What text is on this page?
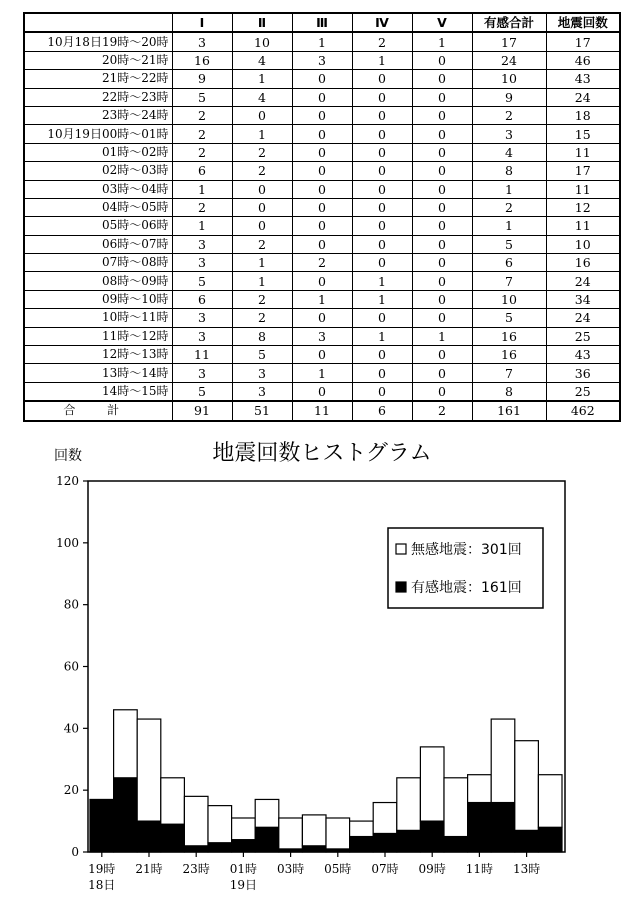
	Ⅰ	Ⅱ	Ⅲ	Ⅳ	Ⅴ	有感合計	地震回数
10月18日19時～20時	3	10	1	2	1	17	17
20時～21時	16	4	3	1	0	24	46
21時～22時	9	1	0	0	0	10	43
22時～23時	5	4	0	0	0	9	24
23時～24時	2	0	0	0	0	2	18
10月19日00時～01時	2	1	0	0	0	3	15
01時～02時	2	2	0	0	0	4	11
02時～03時	6	2	0	0	0	8	17
03時～04時	1	0	0	0	0	1	11
04時～05時	2	0	0	0	0	2	12
05時～06時	1	0	0	0	0	1	11
06時～07時	3	2	0	0	0	5	10
07時～08時	3	1	2	0	0	6	16
08時～09時	5	1	0	1	0	7	24
09時～10時	6	2	1	1	0	10	34
10時～11時	3	2	0	0	0	5	24
11時～12時	3	8	3	1	1	16	25
12時～13時	11	5	0	0	0	16	43
13時～14時	3	3	1	0	0	7	36
14時～15時	5	3	0	0	0	8	25
合 計	91	51	11	6	2	161	462
地震回数ヒストグラム
回数
0
20
40
60
80
100
120
19時
18日
21時 23時 01時
19日
03時 05時 07時 09時 11時 13時
無感地震：301回
有感地震：161回
